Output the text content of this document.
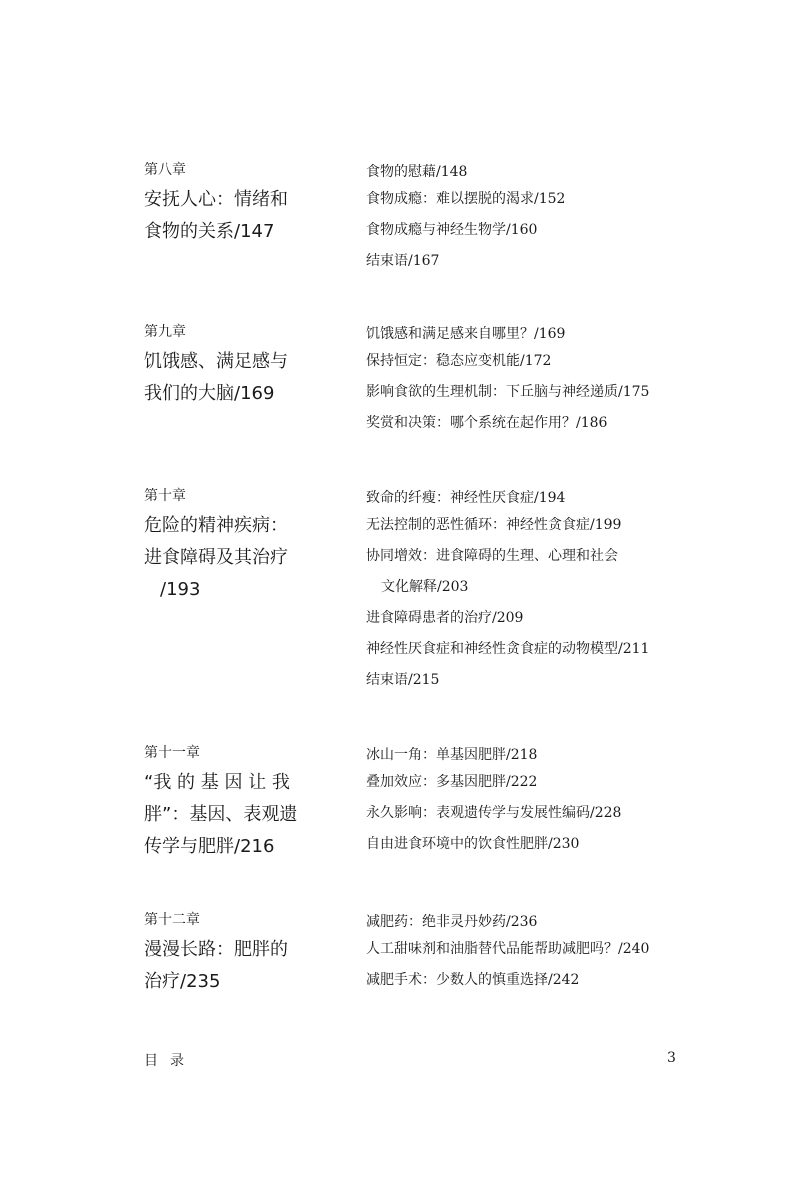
第八章
安抚人心：情绪和
食物的关系/147
食物的慰藉/148
食物成瘾：难以摆脱的渴求/152
食物成瘾与神经生物学/160
结束语/167
第九章
饥饿感、满足感与
我们的大脑/169
饥饿感和满足感来自哪里？/169
保持恒定：稳态应变机能/172
影响食欲的生理机制：下丘脑与神经递质/175
奖赏和决策：哪个系统在起作用？/186
第十章
危险的精神疾病：
进食障碍及其治疗
/193
致命的纤瘦：神经性厌食症/194
无法控制的恶性循环：神经性贪食症/199
协同增效：进食障碍的生理、心理和社会
文化解释/203
进食障碍患者的治疗/209
神经性厌食症和神经性贪食症的动物模型/211
结束语/215
第十一章
“我 的 基 因 让 我
胖”：基因、表观遗
传学与肥胖/216
冰山一角：单基因肥胖/218
叠加效应：多基因肥胖/222
永久影响：表观遗传学与发展性编码/228
自由进食环境中的饮食性肥胖/230
第十二章
漫漫长路：肥胖的
治疗/235
减肥药：绝非灵丹妙药/236
人工甜味剂和油脂替代品能帮助减肥吗？/240
减肥手术：少数人的慎重选择/242
目录	3
